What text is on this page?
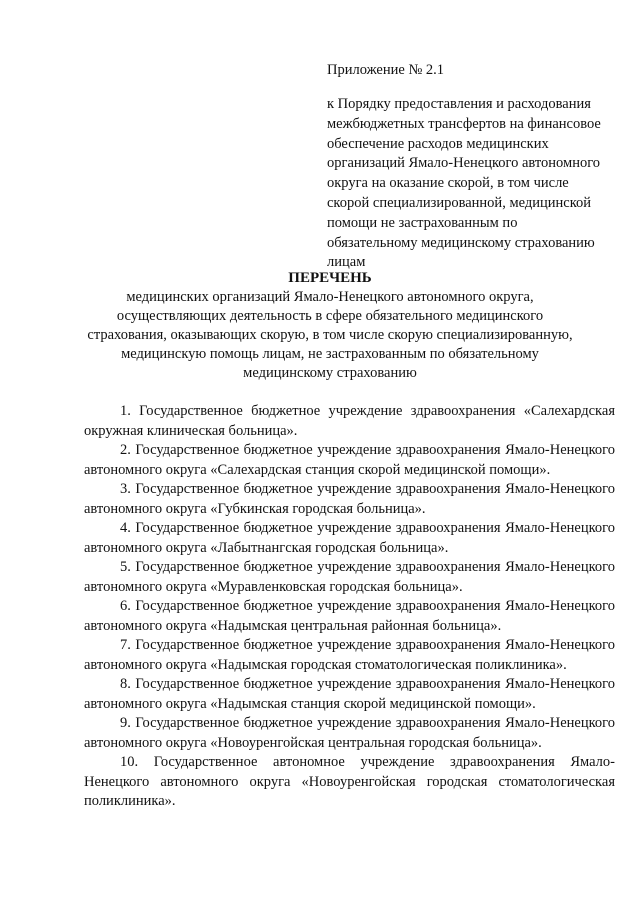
Приложение № 2.1

к Порядку предоставления и расходования
межбюджетных трансфертов на финансовое
обеспечение расходов медицинских
организаций Ямало-Ненецкого автономного
округа на оказание скорой, в том числе
скорой специализированной, медицинской
помощи не застрахованным по
обязательному медицинскому страхованию
лицам

ПЕРЕЧЕНЬ

медицинских организаций Ямало-Ненецкого автономного округа,
осуществляющих деятельность в сфере обязательного медицинского
страхования, оказывающих скорую, в том числе скорую специализированную,
медицинскую помощь лицам, не застрахованным по обязательному
медицинскому страхованию

1. Государственное бюджетное учреждение здравоохранения «Салехардская окружная клиническая больница».
2. Государственное бюджетное учреждение здравоохранения Ямало-Ненецкого автономного округа «Салехардская станция скорой медицинской помощи».
3. Государственное бюджетное учреждение здравоохранения Ямало-Ненецкого автономного округа «Губкинская городская больница».
4. Государственное бюджетное учреждение здравоохранения Ямало-Ненецкого автономного округа «Лабытнангская городская больница».
5. Государственное бюджетное учреждение здравоохранения Ямало-Ненецкого автономного округа «Муравленковская городская больница».
6. Государственное бюджетное учреждение здравоохранения Ямало-Ненецкого автономного округа «Надымская центральная районная больница».
7. Государственное бюджетное учреждение здравоохранения Ямало-Ненецкого автономного округа «Надымская городская стоматологическая поликлиника».
8. Государственное бюджетное учреждение здравоохранения Ямало-Ненецкого автономного округа «Надымская станция скорой медицинской помощи».
9. Государственное бюджетное учреждение здравоохранения Ямало-Ненецкого автономного округа «Новоуренгойская центральная городская больница».
10. Государственное автономное учреждение здравоохранения Ямало-Ненецкого автономного округа «Новоуренгойская городская стоматологическая поликлиника».
